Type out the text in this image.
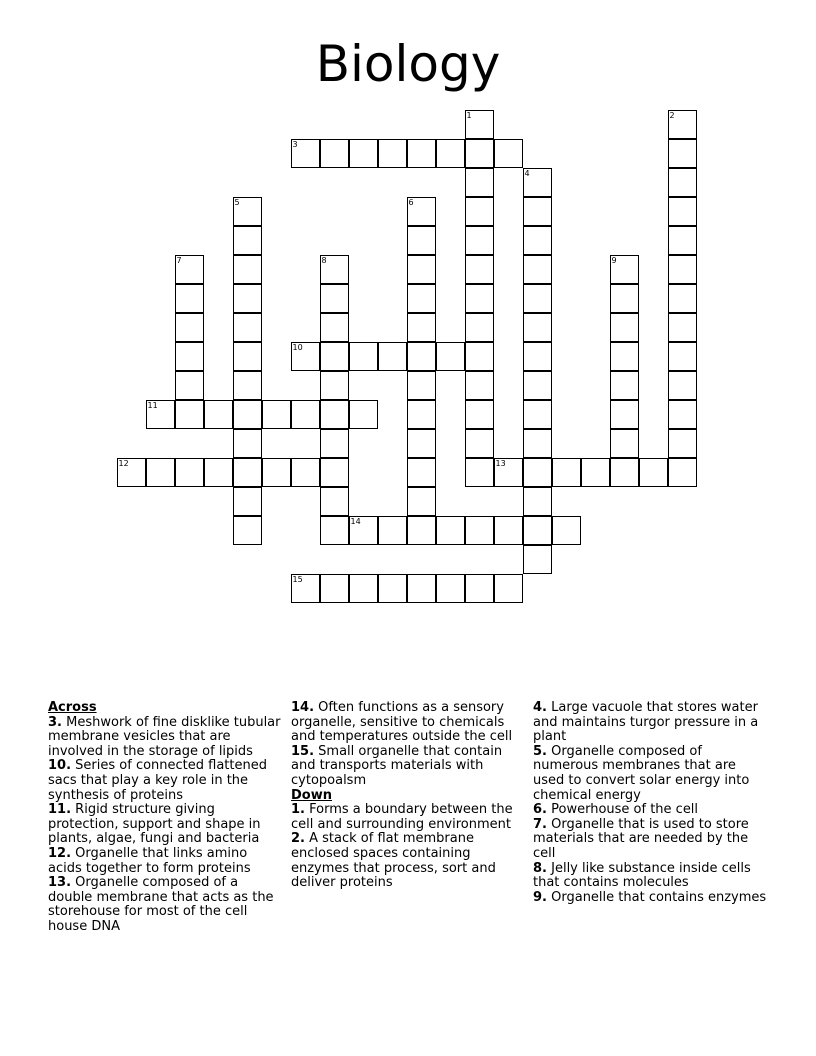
Biology
1	2
3
4
5	6
7	8	9
10
11
12	13
14
15
Across
3. Meshwork of fine disklike tubular membrane vesicles that are involved in the storage of lipids
10. Series of connected flattened sacs that play a key role in the synthesis of proteins
11. Rigid structure giving protection, support and shape in plants, algae, fungi and bacteria
12. Organelle that links amino acids together to form proteins
13. Organelle composed of a double membrane that acts as the storehouse for most of the cell house DNA
14. Often functions as a sensory organelle, sensitive to chemicals and temperatures outside the cell
15. Small organelle that contain and transports materials with cytopoalsm
Down
1. Forms a boundary between the cell and surrounding environment
2. A stack of flat membrane enclosed spaces containing enzymes that process, sort and deliver proteins
4. Large vacuole that stores water and maintains turgor pressure in a plant
5. Organelle composed of numerous membranes that are used to convert solar energy into chemical energy
6. Powerhouse of the cell
7. Organelle that is used to store materials that are needed by the cell
8. Jelly like substance inside cells that contains molecules
9. Organelle that contains enzymes
